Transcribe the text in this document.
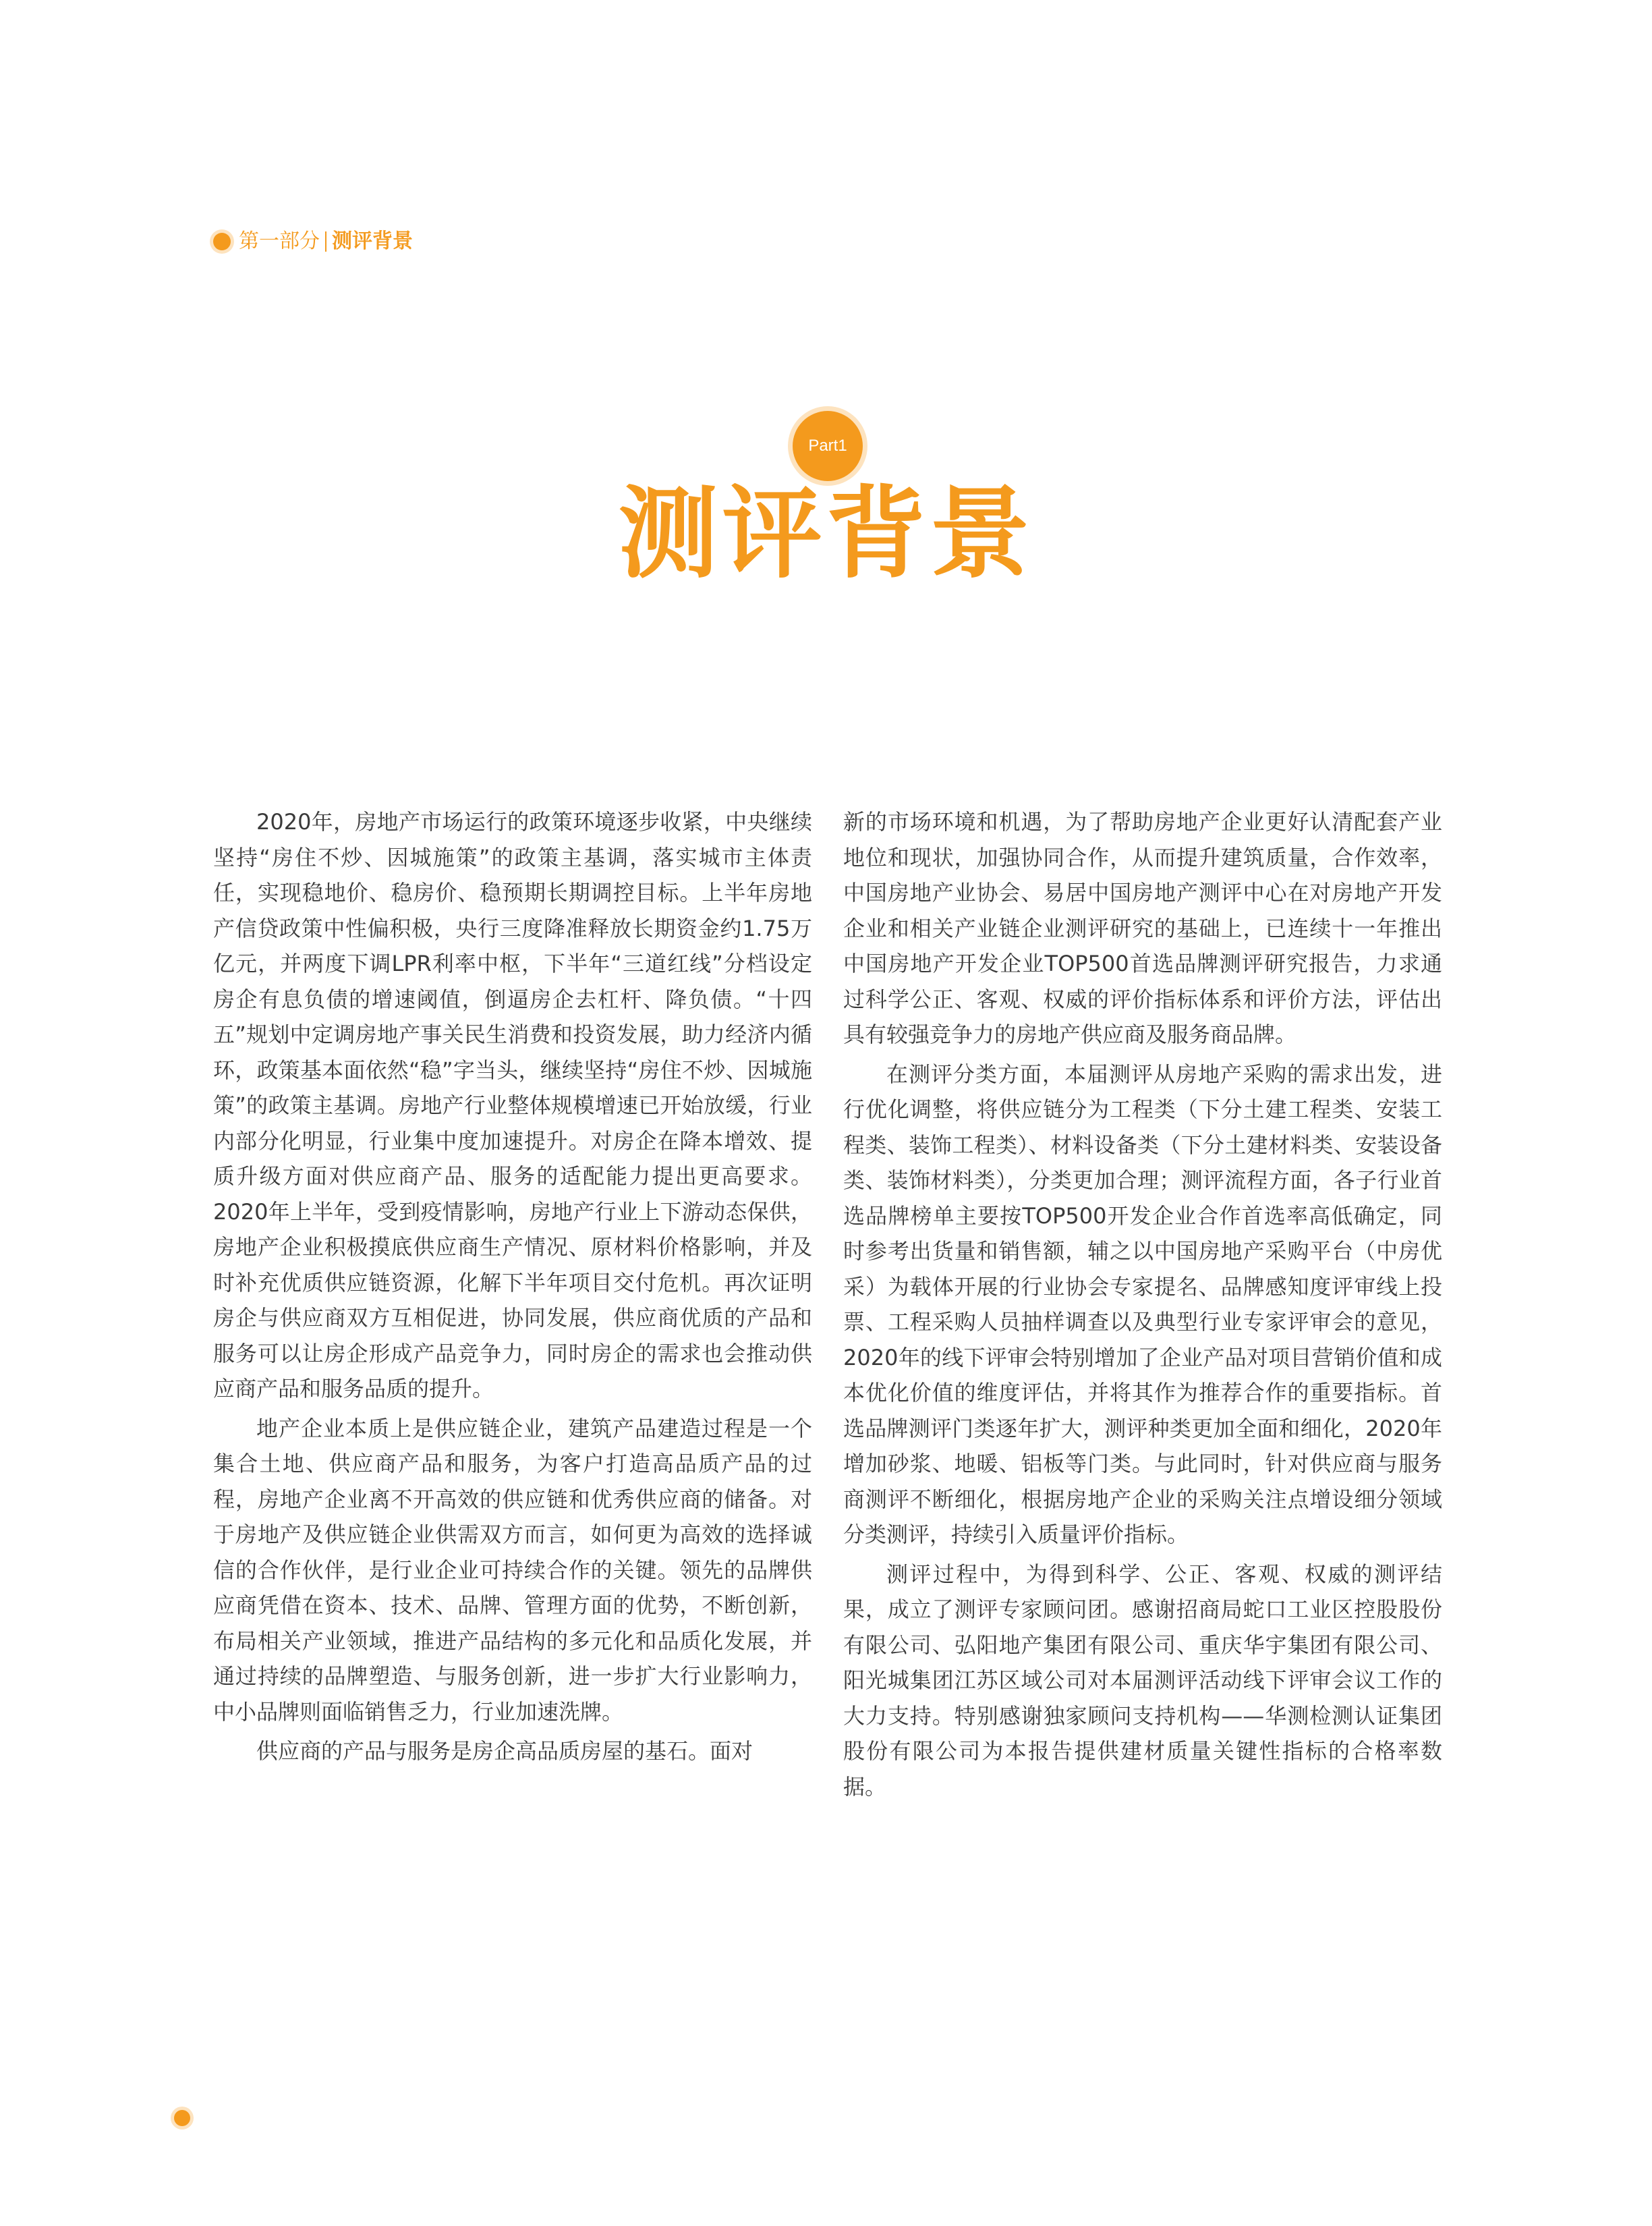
第一部分 测评背景
Part1
测评背景

2020年，房地产市场运行的政策环境逐步收紧，中央继续坚持“房住不炒、因城施策”的政策主基调，落实城市主体责任，实现稳地价、稳房价、稳预期长期调控目标。上半年房地产信贷政策中性偏积极，央行三度降准释放长期资金约1.75万亿元，并两度下调LPR利率中枢，下半年“三道红线”分档设定房企有息负债的增速阈值，倒逼房企去杠杆、降负债。“十四五”规划中定调房地产事关民生消费和投资发展，助力经济内循环，政策基本面依然“稳”字当头，继续坚持“房住不炒、因城施策”的政策主基调。房地产行业整体规模增速已开始放缓，行业内部分化明显，行业集中度加速提升。对房企在降本增效、提质升级方面对供应商产品、服务的适配能力提出更高要求。2020年上半年，受到疫情影响，房地产行业上下游动态保供，房地产企业积极摸底供应商生产情况、原材料价格影响，并及时补充优质供应链资源，化解下半年项目交付危机。再次证明房企与供应商双方互相促进，协同发展，供应商优质的产品和服务可以让房企形成产品竞争力，同时房企的需求也会推动供应商产品和服务品质的提升。

地产企业本质上是供应链企业，建筑产品建造过程是一个集合土地、供应商产品和服务，为客户打造高品质产品的过程，房地产企业离不开高效的供应链和优秀供应商的储备。对于房地产及供应链企业供需双方而言，如何更为高效的选择诚信的合作伙伴，是行业企业可持续合作的关键。领先的品牌供应商凭借在资本、技术、品牌、管理方面的优势，不断创新，布局相关产业领域，推进产品结构的多元化和品质化发展，并通过持续的品牌塑造、与服务创新，进一步扩大行业影响力，中小品牌则面临销售乏力，行业加速洗牌。

供应商的产品与服务是房企高品质房屋的基石。面对

新的市场环境和机遇，为了帮助房地产企业更好认清配套产业地位和现状，加强协同合作，从而提升建筑质量，合作效率，中国房地产业协会、易居中国房地产测评中心在对房地产开发企业和相关产业链企业测评研究的基础上，已连续十一年推出中国房地产开发企业TOP500首选品牌测评研究报告，力求通过科学公正、客观、权威的评价指标体系和评价方法，评估出具有较强竞争力的房地产供应商及服务商品牌。

在测评分类方面，本届测评从房地产采购的需求出发，进行优化调整，将供应链分为工程类（下分土建工程类、安装工程类、装饰工程类）、材料设备类（下分土建材料类、安装设备类、装饰材料类），分类更加合理；测评流程方面，各子行业首选品牌榜单主要按TOP500开发企业合作首选率高低确定，同时参考出货量和销售额，辅之以中国房地产采购平台（中房优采）为载体开展的行业协会专家提名、品牌感知度评审线上投票、工程采购人员抽样调查以及典型行业专家评审会的意见，2020年的线下评审会特别增加了企业产品对项目营销价值和成本优化价值的维度评估，并将其作为推荐合作的重要指标。首选品牌测评门类逐年扩大，测评种类更加全面和细化，2020年增加砂浆、地暖、铝板等门类。与此同时，针对供应商与服务商测评不断细化，根据房地产企业的采购关注点增设细分领域分类测评，持续引入质量评价指标。

测评过程中，为得到科学、公正、客观、权威的测评结果，成立了测评专家顾问团。感谢招商局蛇口工业区控股股份有限公司、弘阳地产集团有限公司、重庆华宇集团有限公司、阳光城集团江苏区域公司对本届测评活动线下评审会议工作的大力支持。特别感谢独家顾问支持机构——华测检测认证集团股份有限公司为本报告提供建材质量关键性指标的合格率数据。
